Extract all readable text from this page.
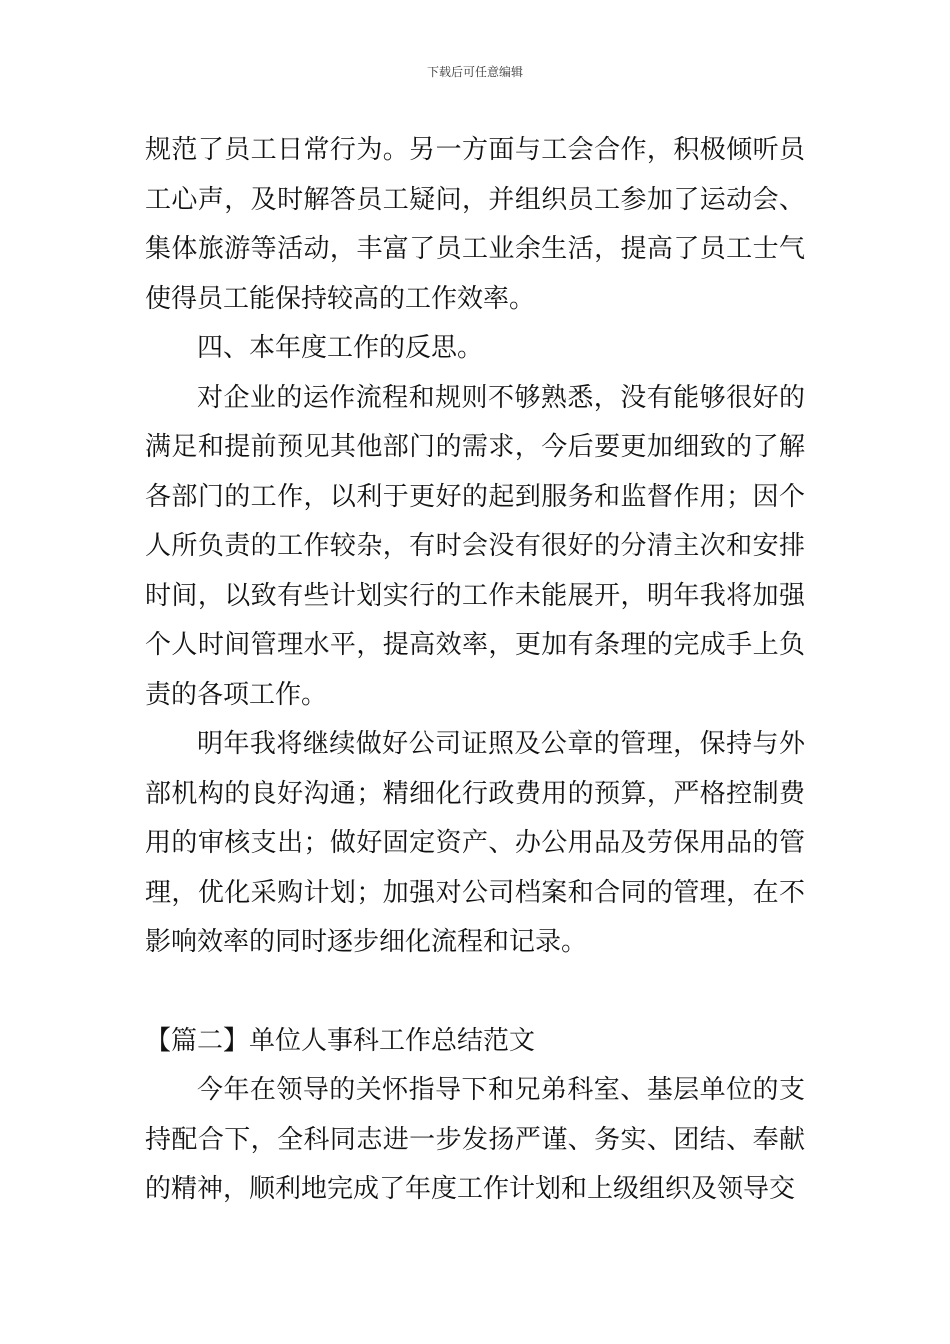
下载后可任意编辑

规范了员工日常行为。另一方面与工会合作，积极倾听员工心声，及时解答员工疑问，并组织员工参加了运动会、集体旅游等活动，丰富了员工业余生活，提高了员工士气使得员工能保持较高的工作效率。

四、本年度工作的反思。

对企业的运作流程和规则不够熟悉，没有能够很好的满足和提前预见其他部门的需求，今后要更加细致的了解各部门的工作，以利于更好的起到服务和监督作用；因个人所负责的工作较杂，有时会没有很好的分清主次和安排时间，以致有些计划实行的工作未能展开，明年我将加强个人时间管理水平，提高效率，更加有条理的完成手上负责的各项工作。

明年我将继续做好公司证照及公章的管理，保持与外部机构的良好沟通；精细化行政费用的预算，严格控制费用的审核支出；做好固定资产、办公用品及劳保用品的管理，优化采购计划；加强对公司档案和合同的管理，在不影响效率的同时逐步细化流程和记录。

【篇二】单位人事科工作总结范文

今年在领导的关怀指导下和兄弟科室、基层单位的支持配合下，全科同志进一步发扬严谨、务实、团结、奉献的精神，顺利地完成了年度工作计划和上级组织及领导交
